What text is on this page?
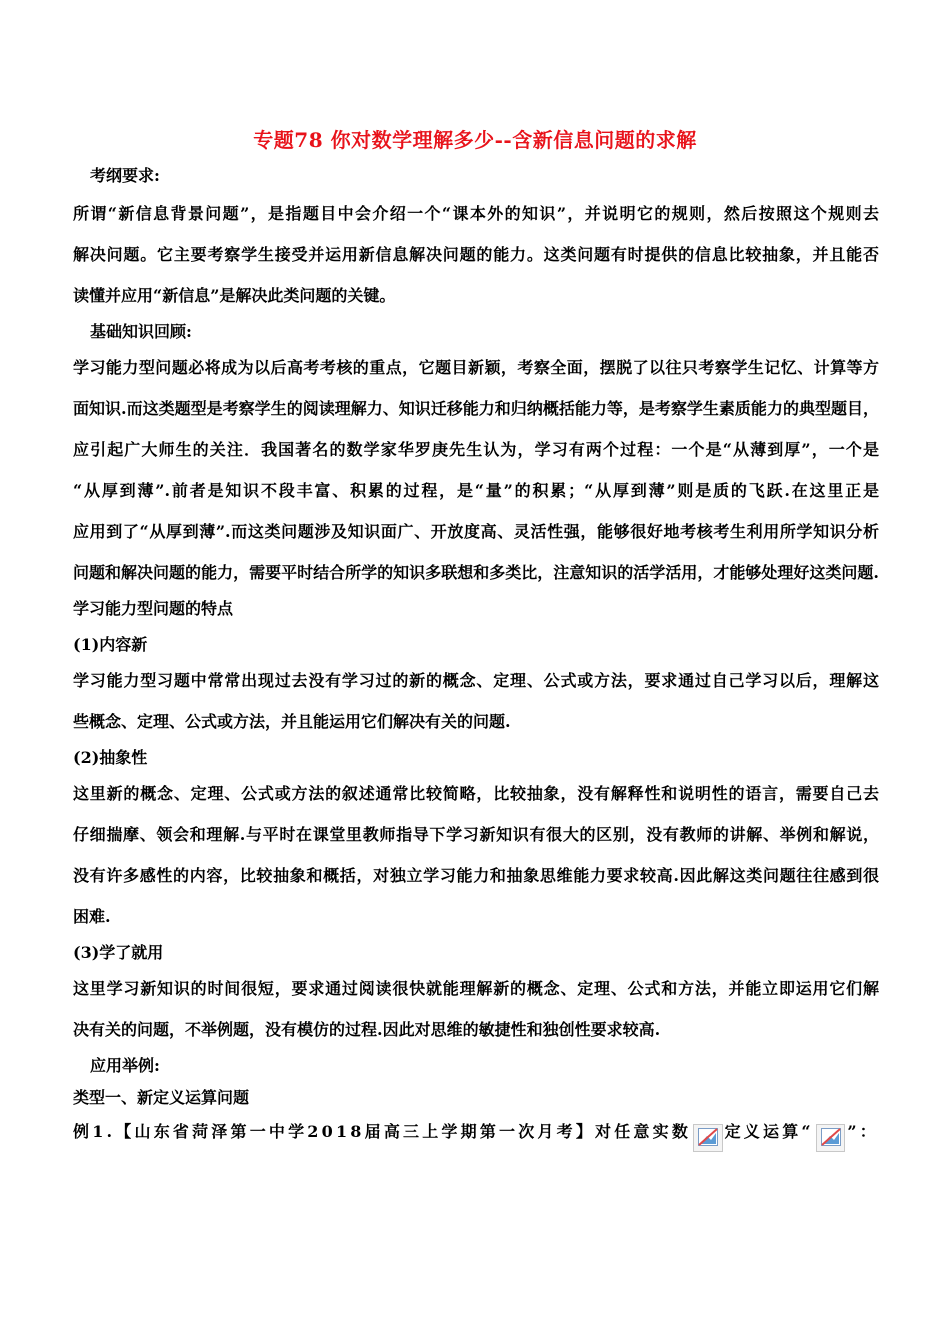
专题78 你对数学理解多少--含新信息问题的求解
考纲要求:
所谓“新信息背景问题”，是指题目中会介绍一个“课本外的知识”，并说明它的规则，然后按照这个规则去
解决问题。它主要考察学生接受并运用新信息解决问题的能力。这类问题有时提供的信息比较抽象，并且能否
读懂并应用“新信息”是解决此类问题的关键。
基础知识回顾:
学习能力型问题必将成为以后高考考核的重点，它题目新颖，考察全面，摆脱了以往只考察学生记忆、计算等方
面知识.而这类题型是考察学生的阅读理解力、知识迁移能力和归纳概括能力等，是考察学生素质能力的典型题目，
应引起广大师生的关注．我国著名的数学家华罗庚先生认为，学习有两个过程：一个是“从薄到厚”，一个是
“从厚到薄”.前者是知识不段丰富、积累的过程，是“量”的积累；“从厚到薄”则是质的飞跃.在这里正是
应用到了“从厚到薄”.而这类问题涉及知识面广、开放度高、灵活性强，能够很好地考核考生利用所学知识分析
问题和解决问题的能力，需要平时结合所学的知识多联想和多类比，注意知识的活学活用，才能够处理好这类问题.
学习能力型问题的特点
(1)内容新
学习能力型习题中常常出现过去没有学习过的新的概念、定理、公式或方法，要求通过自己学习以后，理解这
些概念、定理、公式或方法，并且能运用它们解决有关的问题.
(2)抽象性
这里新的概念、定理、公式或方法的叙述通常比较简略，比较抽象，没有解释性和说明性的语言，需要自己去
仔细揣摩、领会和理解.与平时在课堂里教师指导下学习新知识有很大的区别，没有教师的讲解、举例和解说，
没有许多感性的内容，比较抽象和概括，对独立学习能力和抽象思维能力要求较高.因此解这类问题往往感到很
困难.
(3)学了就用
这里学习新知识的时间很短，要求通过阅读很快就能理解新的概念、定理、公式和方法，并能立即运用它们解
决有关的问题，不举例题，没有模仿的过程.因此对思维的敏捷性和独创性要求较高.
应用举例:
类型一、新定义运算问题
例1.【山东省菏泽第一中学2018届高三上学期第一次月考】对任意实数 定义运算“ ”：
